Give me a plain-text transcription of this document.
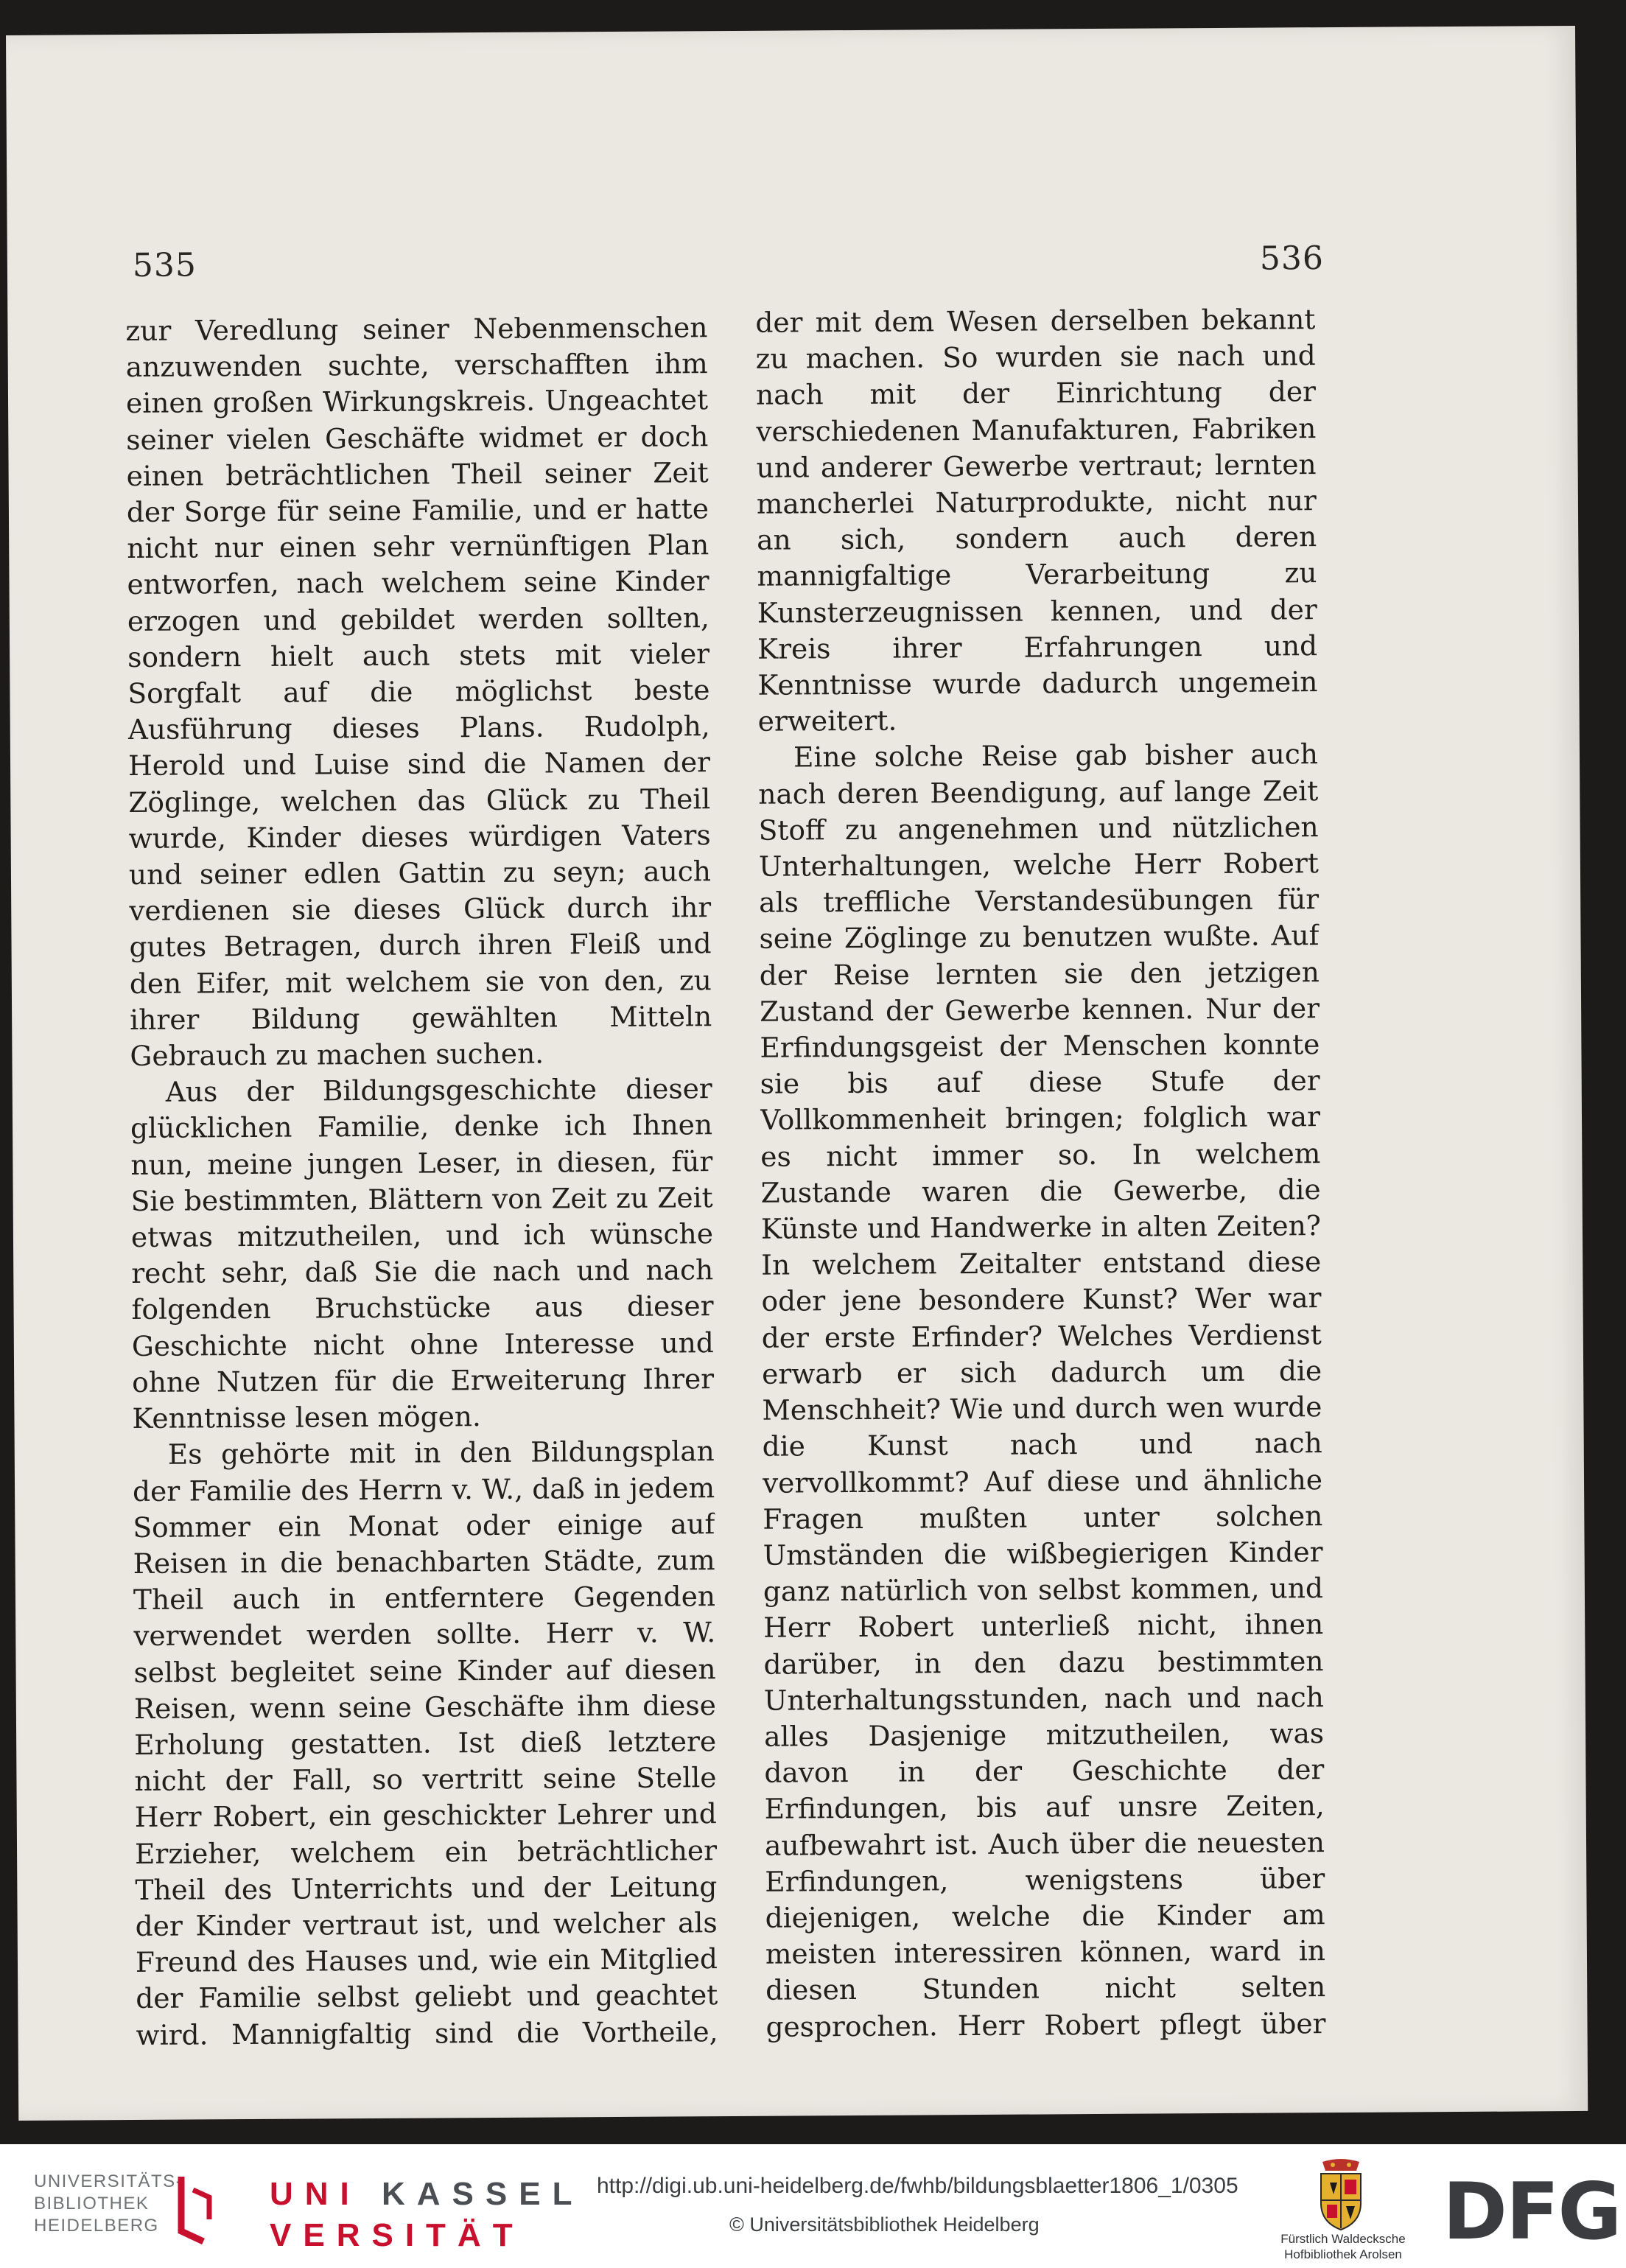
535	536

zur Veredlung seiner Nebenmenschen anzuwenden suchte, verschafften ihm einen großen Wirkungskreis. Ungeachtet seiner vielen Geschäfte widmet er doch einen beträchtlichen Theil seiner Zeit der Sorge für seine Familie, und er hatte nicht nur einen sehr vernünftigen Plan entworfen, nach welchem seine Kinder erzogen und gebildet werden sollten, sondern hielt auch stets mit vieler Sorgfalt auf die möglichst beste Ausführung dieses Plans. Rudolph, Herold und Luise sind die Namen der Zöglinge, welchen das Glück zu Theil wurde, Kinder dieses würdigen Vaters und seiner edlen Gattin zu seyn; auch verdienen sie dieses Glück durch ihr gutes Betragen, durch ihren Fleiß und den Eifer, mit welchem sie von den, zu ihrer Bildung gewählten Mitteln Gebrauch zu machen suchen.

Aus der Bildungsgeschichte dieser glücklichen Familie, denke ich Ihnen nun, meine jungen Leser, in diesen, für Sie bestimmten, Blättern von Zeit zu Zeit etwas mitzutheilen, und ich wünsche recht sehr, daß Sie die nach und nach folgenden Bruchstücke aus dieser Geschichte nicht ohne Interesse und ohne Nutzen für die Erweiterung Ihrer Kenntnisse lesen mögen.

Es gehörte mit in den Bildungsplan der Familie des Herrn v. W., daß in jedem Sommer ein Monat oder einige auf Reisen in die benachbarten Städte, zum Theil auch in entferntere Gegenden verwendet werden sollte. Herr v. W. selbst begleitet seine Kinder auf diesen Reisen, wenn seine Geschäfte ihm diese Erholung gestatten. Ist dieß letztere nicht der Fall, so vertritt seine Stelle Herr Robert, ein geschickter Lehrer und Erzieher, welchem ein beträchtlicher Theil des Unterrichts und der Leitung der Kinder vertraut ist, und welcher als Freund des Hauses und, wie ein Mitglied der Familie selbst geliebt und geachtet wird. Mannigfaltig sind die Vortheile,

der mit dem Wesen derselben bekannt zu machen. So wurden sie nach und nach mit der Einrichtung der verschiedenen Manufakturen, Fabriken und anderer Gewerbe vertraut; lernten mancherlei Naturprodukte, nicht nur an sich, sondern auch deren mannigfaltige Verarbeitung zu Kunsterzeugnissen kennen, und der Kreis ihrer Erfahrungen und Kenntnisse wurde dadurch ungemein erweitert.

Eine solche Reise gab bisher auch nach deren Beendigung, auf lange Zeit Stoff zu angenehmen und nützlichen Unterhaltungen, welche Herr Robert als treffliche Verstandesübungen für seine Zöglinge zu benutzen wußte. Auf der Reise lernten sie den jetzigen Zustand der Gewerbe kennen. Nur der Erfindungsgeist der Menschen konnte sie bis auf diese Stufe der Vollkommenheit bringen; folglich war es nicht immer so. In welchem Zustande waren die Gewerbe, die Künste und Handwerke in alten Zeiten? In welchem Zeitalter entstand diese oder jene besondere Kunst? Wer war der erste Erfinder? Welches Verdienst erwarb er sich dadurch um die Menschheit? Wie und durch wen wurde die Kunst nach und nach vervollkommt? Auf diese und ähnliche Fragen mußten unter solchen Umständen die wißbegierigen Kinder ganz natürlich von selbst kommen, und Herr Robert unterließ nicht, ihnen darüber, in den dazu bestimmten Unterhaltungsstunden, nach und nach alles Dasjenige mitzutheilen, was davon in der Geschichte der Erfindungen, bis auf unsre Zeiten, aufbewahrt ist. Auch über die neuesten Erfindungen, wenigstens über diejenigen, welche die Kinder am meisten interessiren können, ward in diesen Stunden nicht selten gesprochen. Herr Robert pflegt über

UNIVERSITÄTS-
BIBLIOTHEK
HEIDELBERG
UNI KASSEL
VERSITÄT
http://digi.ub.uni-heidelberg.de/fwhb/bildungsblaetter1806_1/0305
© Universitätsbibliothek Heidelberg
Fürstlich Waldecksche
Hofbibliothek Arolsen DFG
